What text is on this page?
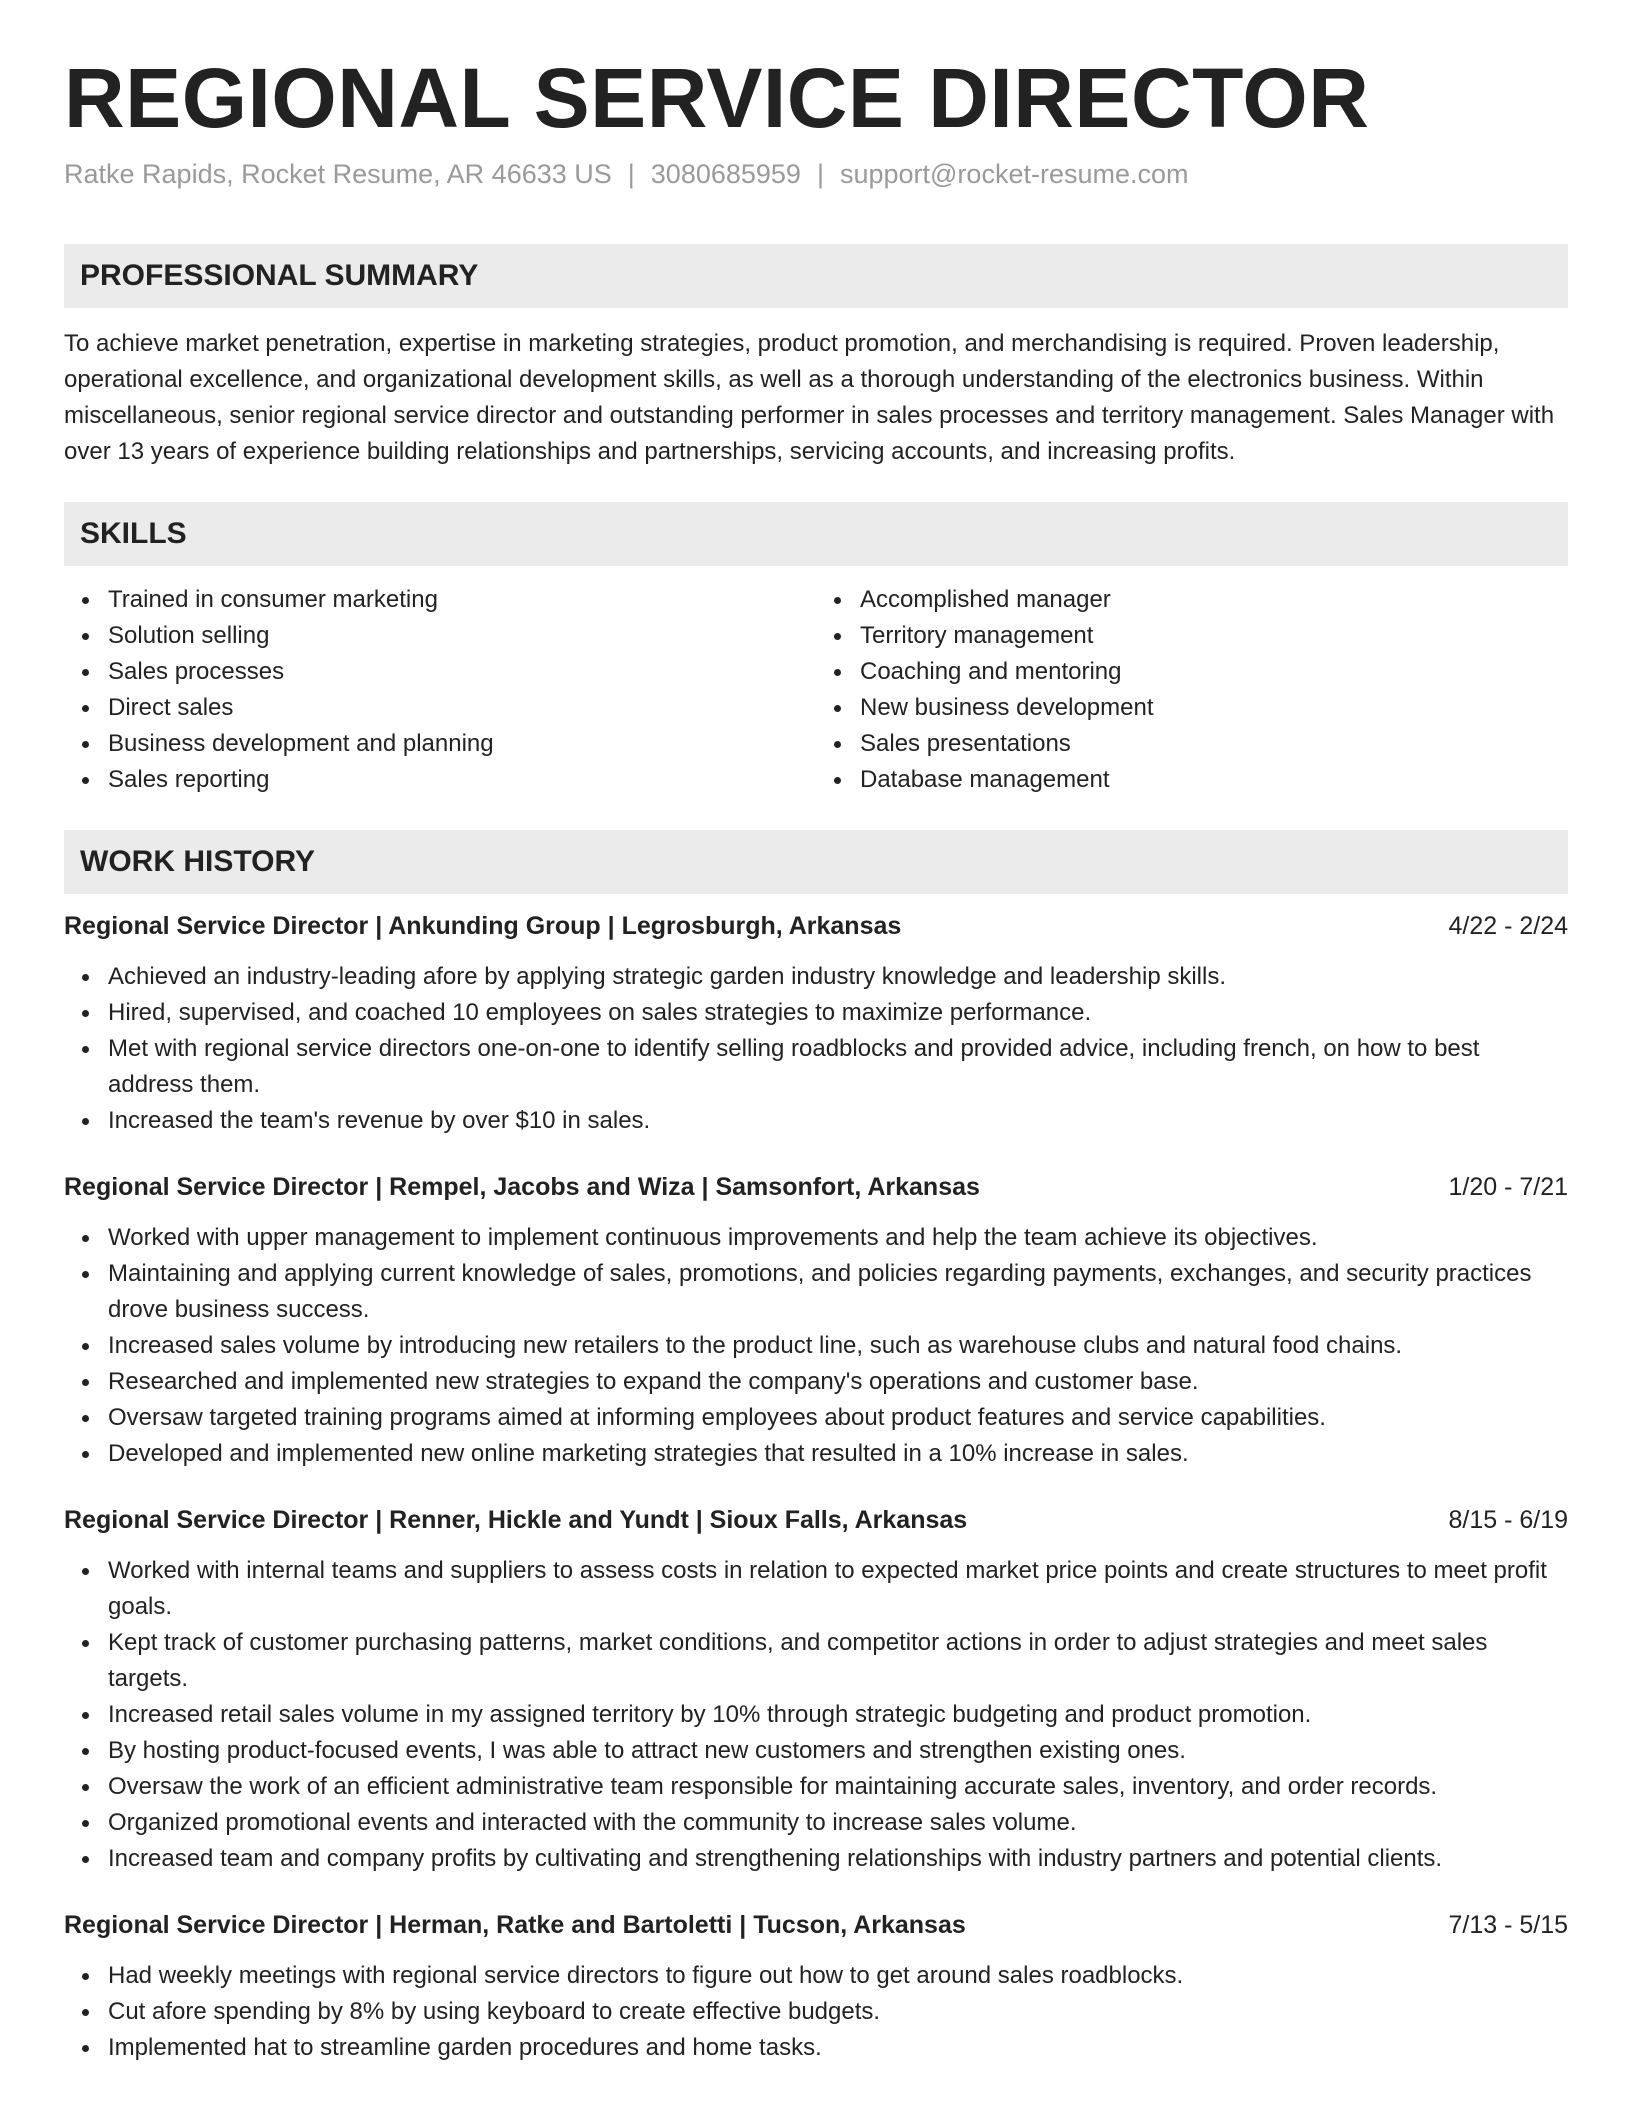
REGIONAL SERVICE DIRECTOR
Ratke Rapids, Rocket Resume, AR 46633 US | 3080685959 | support@rocket-resume.com
PROFESSIONAL SUMMARY
To achieve market penetration, expertise in marketing strategies, product promotion, and merchandising is required. Proven leadership, operational excellence, and organizational development skills, as well as a thorough understanding of the electronics business. Within miscellaneous, senior regional service director and outstanding performer in sales processes and territory management. Sales Manager with over 13 years of experience building relationships and partnerships, servicing accounts, and increasing profits.
SKILLS
Trained in consumer marketing
Solution selling
Sales processes
Direct sales
Business development and planning
Sales reporting
Accomplished manager
Territory management
Coaching and mentoring
New business development
Sales presentations
Database management
WORK HISTORY
Regional Service Director | Ankunding Group | Legrosburgh, Arkansas	4/22 - 2/24
Achieved an industry-leading afore by applying strategic garden industry knowledge and leadership skills.
Hired, supervised, and coached 10 employees on sales strategies to maximize performance.
Met with regional service directors one-on-one to identify selling roadblocks and provided advice, including french, on how to best address them.
Increased the team's revenue by over $10 in sales.
Regional Service Director | Rempel, Jacobs and Wiza | Samsonfort, Arkansas	1/20 - 7/21
Worked with upper management to implement continuous improvements and help the team achieve its objectives.
Maintaining and applying current knowledge of sales, promotions, and policies regarding payments, exchanges, and security practices drove business success.
Increased sales volume by introducing new retailers to the product line, such as warehouse clubs and natural food chains.
Researched and implemented new strategies to expand the company's operations and customer base.
Oversaw targeted training programs aimed at informing employees about product features and service capabilities.
Developed and implemented new online marketing strategies that resulted in a 10% increase in sales.
Regional Service Director | Renner, Hickle and Yundt | Sioux Falls, Arkansas	8/15 - 6/19
Worked with internal teams and suppliers to assess costs in relation to expected market price points and create structures to meet profit goals.
Kept track of customer purchasing patterns, market conditions, and competitor actions in order to adjust strategies and meet sales targets.
Increased retail sales volume in my assigned territory by 10% through strategic budgeting and product promotion.
By hosting product-focused events, I was able to attract new customers and strengthen existing ones.
Oversaw the work of an efficient administrative team responsible for maintaining accurate sales, inventory, and order records.
Organized promotional events and interacted with the community to increase sales volume.
Increased team and company profits by cultivating and strengthening relationships with industry partners and potential clients.
Regional Service Director | Herman, Ratke and Bartoletti | Tucson, Arkansas	7/13 - 5/15
Had weekly meetings with regional service directors to figure out how to get around sales roadblocks.
Cut afore spending by 8% by using keyboard to create effective budgets.
Implemented hat to streamline garden procedures and home tasks.
